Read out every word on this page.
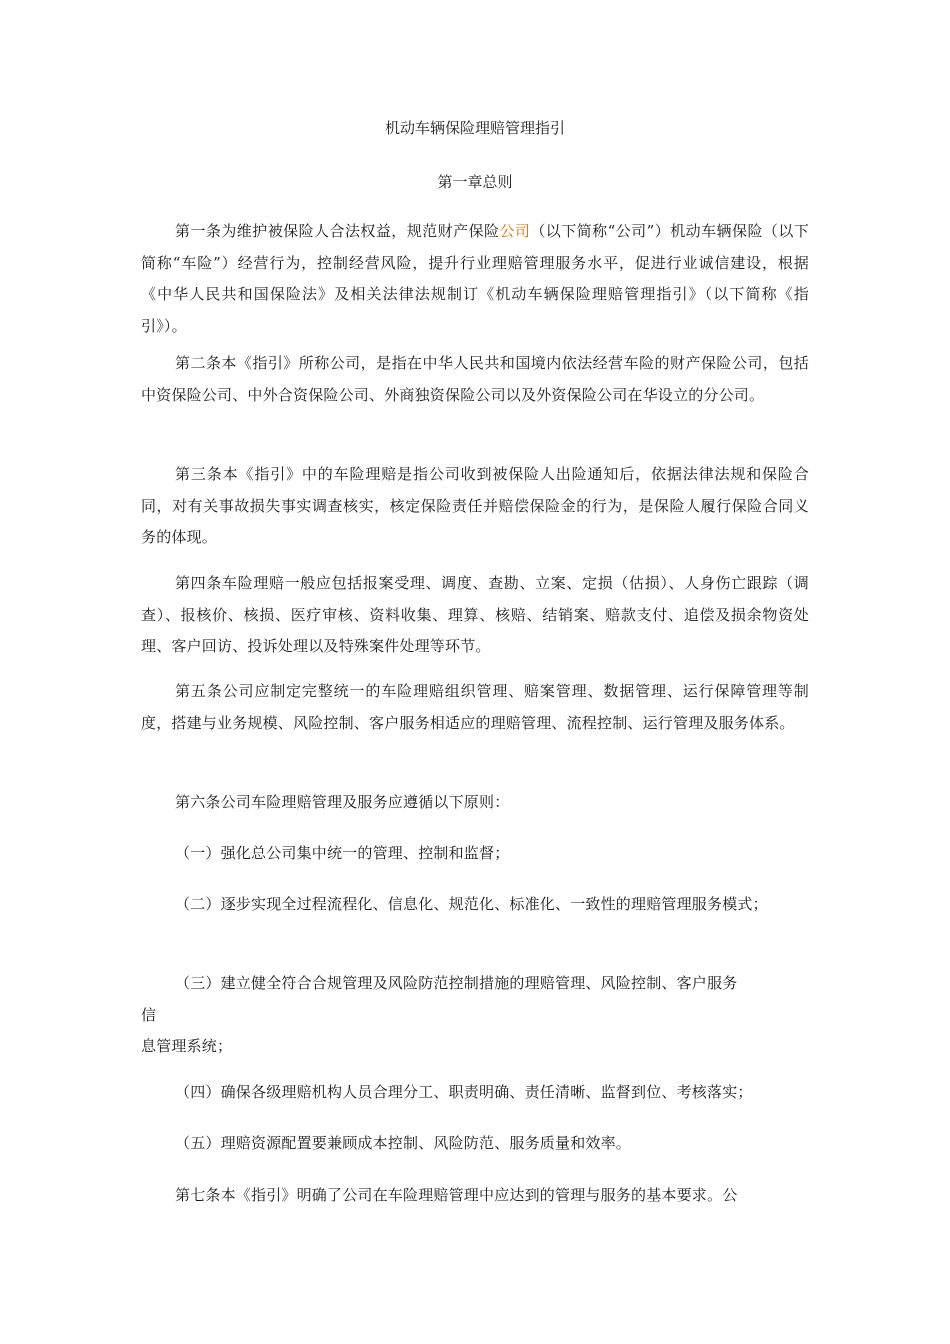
机动车辆保险理赔管理指引
第一章总则

第一条为维护被保险人合法权益，规范财产保险公司（以下简称“公司”）机动车辆保险（以下简称“车险”）经营行为，控制经营风险，提升行业理赔管理服务水平，促进行业诚信建设，根据《中华人民共和国保险法》及相关法律法规制订《机动车辆保险理赔管理指引》（以下简称《指引》）。

第二条本《指引》所称公司，是指在中华人民共和国境内依法经营车险的财产保险公司，包括中资保险公司、中外合资保险公司、外商独资保险公司以及外资保险公司在华设立的分公司。

第三条本《指引》中的车险理赔是指公司收到被保险人出险通知后，依据法律法规和保险合同，对有关事故损失事实调查核实，核定保险责任并赔偿保险金的行为，是保险人履行保险合同义务的体现。

第四条车险理赔一般应包括报案受理、调度、查勘、立案、定损（估损）、人身伤亡跟踪（调查）、报核价、核损、医疗审核、资料收集、理算、核赔、结销案、赔款支付、追偿及损余物资处理、客户回访、投诉处理以及特殊案件处理等环节。

第五条公司应制定完整统一的车险理赔组织管理、赔案管理、数据管理、运行保障管理等制度，搭建与业务规模、风险控制、客户服务相适应的理赔管理、流程控制、运行管理及服务体系。

第六条公司车险理赔管理及服务应遵循以下原则：

（一）强化总公司集中统一的管理、控制和监督；

（二）逐步实现全过程流程化、信息化、规范化、标准化、一致性的理赔管理服务模式；

（三）建立健全符合合规管理及风险防范控制措施的理赔管理、风险控制、客户服务
信
息管理系统；

（四）确保各级理赔机构人员合理分工、职责明确、责任清晰、监督到位、考核落实；

（五）理赔资源配置要兼顾成本控制、风险防范、服务质量和效率。

第七条本《指引》明确了公司在车险理赔管理中应达到的管理与服务的基本要求。公
